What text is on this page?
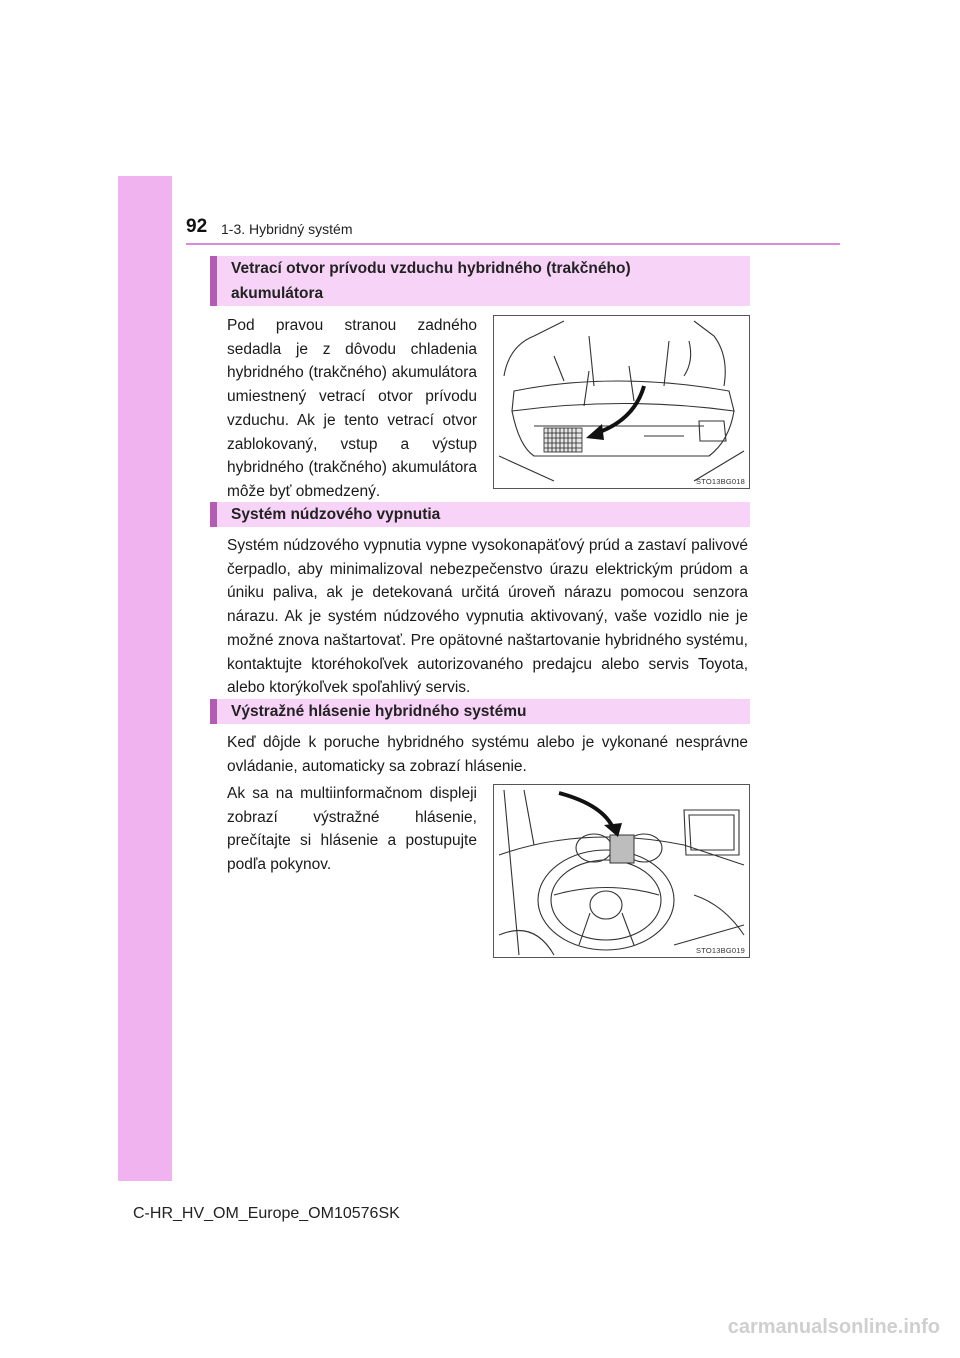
92 1-3. Hybridný systém
Vetrací otvor prívodu vzduchu hybridného (trakčného)
akumulátora
Pod pravou stranou zadného sedadla je z dôvodu chladenia hybridného (trakčného) akumulátora umiestnený vetrací otvor prívodu vzduchu. Ak je tento vetrací otvor zablokovaný, vstup a výstup hybridného (trakčného) akumulátora môže byť obmedzený.
STO13BG018
Systém núdzového vypnutia
Systém núdzového vypnutia vypne vysokonapäťový prúd a zastaví palivové čerpadlo, aby minimalizoval nebezpečenstvo úrazu elektrickým prúdom a úniku paliva, ak je detekovaná určitá úroveň nárazu pomocou senzora nárazu. Ak je systém núdzového vypnutia aktivovaný, vaše vozidlo nie je možné znova naštartovať. Pre opätovné naštartovanie hybridného systému, kontaktujte ktoréhokoľvek autorizovaného predajcu alebo servis Toyota, alebo ktorýkoľvek spoľahlivý servis.
Výstražné hlásenie hybridného systému
Keď dôjde k poruche hybridného systému alebo je vykonané nesprávne ovládanie, automaticky sa zobrazí hlásenie.
Ak sa na multiinformačnom displeji zobrazí výstražné hlásenie, prečítajte si hlásenie a postupujte podľa pokynov.
STO13BG019
C-HR_HV_OM_Europe_OM10576SK
carmanualsonline.info
